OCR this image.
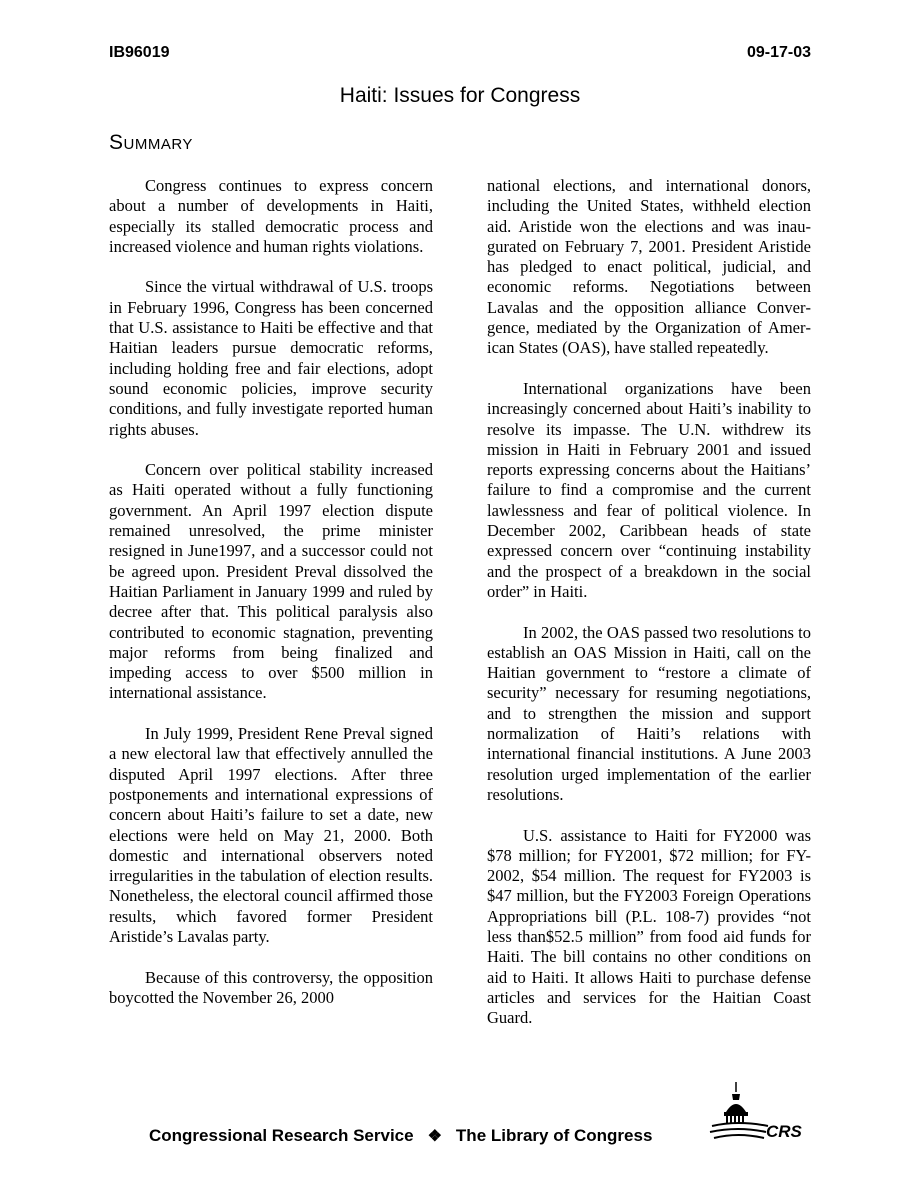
IB96019	09-17-03
Haiti: Issues for Congress
Summary

Congress continues to express concern about a number of developments in Haiti, especially its stalled democratic process and increased violence and human rights violations.

Since the virtual withdrawal of U.S. troops in February 1996, Congress has been concerned that U.S. assistance to Haiti be effective and that Haitian leaders pursue democratic reforms, including holding free and fair elections, adopt sound economic policies, improve security conditions, and fully investigate reported human rights abuses.

Concern over political stability increased as Haiti operated without a fully functioning government. An April 1997 election dispute remained unresolved, the prime minister resigned in June1997, and a successor could not be agreed upon. President Preval dissolved the Haitian Parliament in January 1999 and ruled by decree after that. This political paralysis also contributed to economic stagnation, preventing major reforms from being finalized and impeding access to over $500 million in international assistance.

In July 1999, President Rene Preval signed a new electoral law that effectively annulled the disputed April 1997 elections. After three postponements and international expressions of concern about Haiti’s failure to set a date, new elections were held on May 21, 2000. Both domestic and international observers noted irregularities in the tabulation of election results. Nonetheless, the electoral council affirmed those results, which favored former President Aristide’s Lavalas party.

Because of this controversy, the opposition boycotted the November 26, 2000

national elections, and international donors, including the United States, withheld election aid. Aristide won the elections and was inaugurated on February 7, 2001. President Aristide has pledged to enact political, judicial, and economic reforms. Negotiations between Lavalas and the opposition alliance Convergence, mediated by the Organization of American States (OAS), have stalled repeatedly.

International organizations have been increasingly concerned about Haiti’s inability to resolve its impasse. The U.N. withdrew its mission in Haiti in February 2001 and issued reports expressing concerns about the Haitians’ failure to find a compromise and the current lawlessness and fear of political violence. In December 2002, Caribbean heads of state expressed concern over “continuing instability and the prospect of a breakdown in the social order” in Haiti.

In 2002, the OAS passed two resolutions to establish an OAS Mission in Haiti, call on the Haitian government to “restore a climate of security” necessary for resuming negotiations, and to strengthen the mission and support normalization of Haiti’s relations with international financial institutions. A June 2003 resolution urged implementation of the earlier resolutions.

U.S. assistance to Haiti for FY2000 was $78 million; for FY2001, $72 million; for FY-2002, $54 million. The request for FY2003 is $47 million, but the FY2003 Foreign Operations Appropriations bill (P.L. 108-7) provides “not less than$52.5 million” from food aid funds for Haiti. The bill contains no other conditions on aid to Haiti. It allows Haiti to purchase defense articles and services for the Haitian Coast Guard.

Congressional Research Service ❖ The Library of Congress	CRS
